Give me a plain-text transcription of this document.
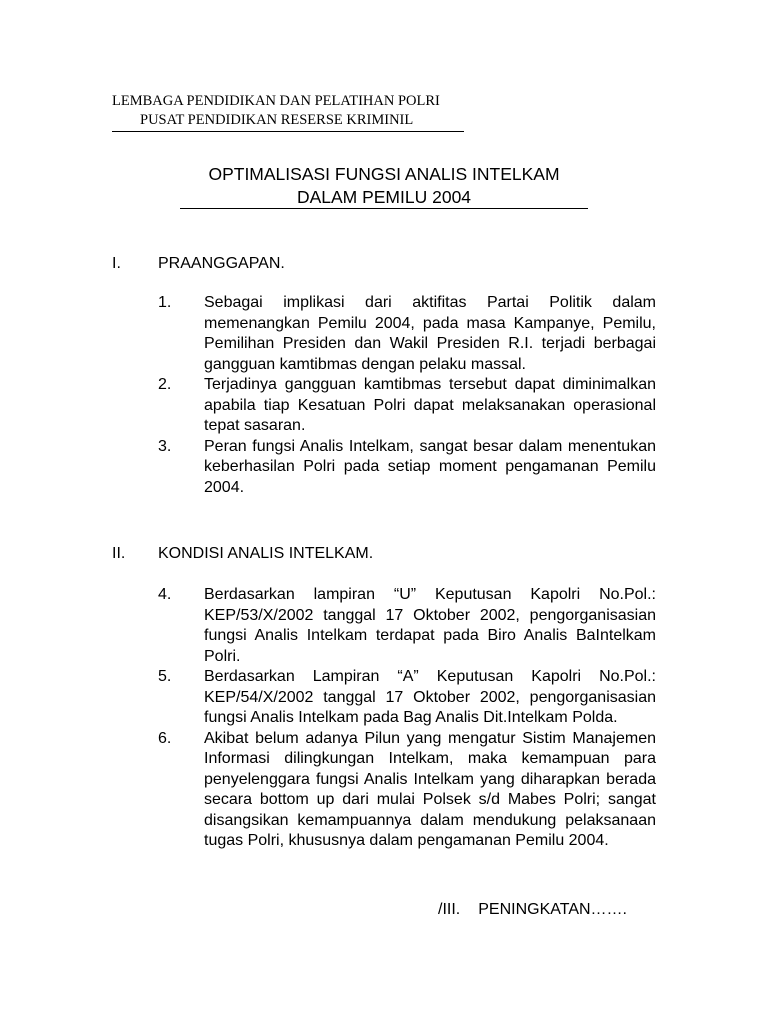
LEMBAGA PENDIDIKAN DAN PELATIHAN POLRI
PUSAT PENDIDIKAN RESERSE KRIMINIL
OPTIMALISASI FUNGSI ANALIS INTELKAM
DALAM PEMILU 2004
I. PRAANGGAPAN.
1. Sebagai implikasi dari aktifitas Partai Politik dalam memenangkan Pemilu 2004, pada masa Kampanye, Pemilu, Pemilihan Presiden dan Wakil Presiden R.I. terjadi berbagai gangguan kamtibmas dengan pelaku massal.
2. Terjadinya gangguan kamtibmas tersebut dapat diminimalkan apabila tiap Kesatuan Polri dapat melaksanakan operasional tepat sasaran.
3. Peran fungsi Analis Intelkam, sangat besar dalam menentukan keberhasilan Polri pada setiap moment pengamanan Pemilu 2004.
II. KONDISI ANALIS INTELKAM.
4. Berdasarkan lampiran “U” Keputusan Kapolri No.Pol.: KEP/53/X/2002 tanggal 17 Oktober 2002, pengorganisasian fungsi Analis Intelkam terdapat pada Biro Analis BaIntelkam Polri.
5. Berdasarkan Lampiran “A” Keputusan Kapolri No.Pol.: KEP/54/X/2002 tanggal 17 Oktober 2002, pengorganisasian fungsi Analis Intelkam pada Bag Analis Dit.Intelkam Polda.
6. Akibat belum adanya Pilun yang mengatur Sistim Manajemen Informasi dilingkungan Intelkam, maka kemampuan para penyelenggara fungsi Analis Intelkam yang diharapkan berada secara bottom up dari mulai Polsek s/d Mabes Polri; sangat disangsikan kemampuannya dalam mendukung pelaksanaan tugas Polri, khususnya dalam pengamanan Pemilu 2004.
/III. PENINGKATAN…….
